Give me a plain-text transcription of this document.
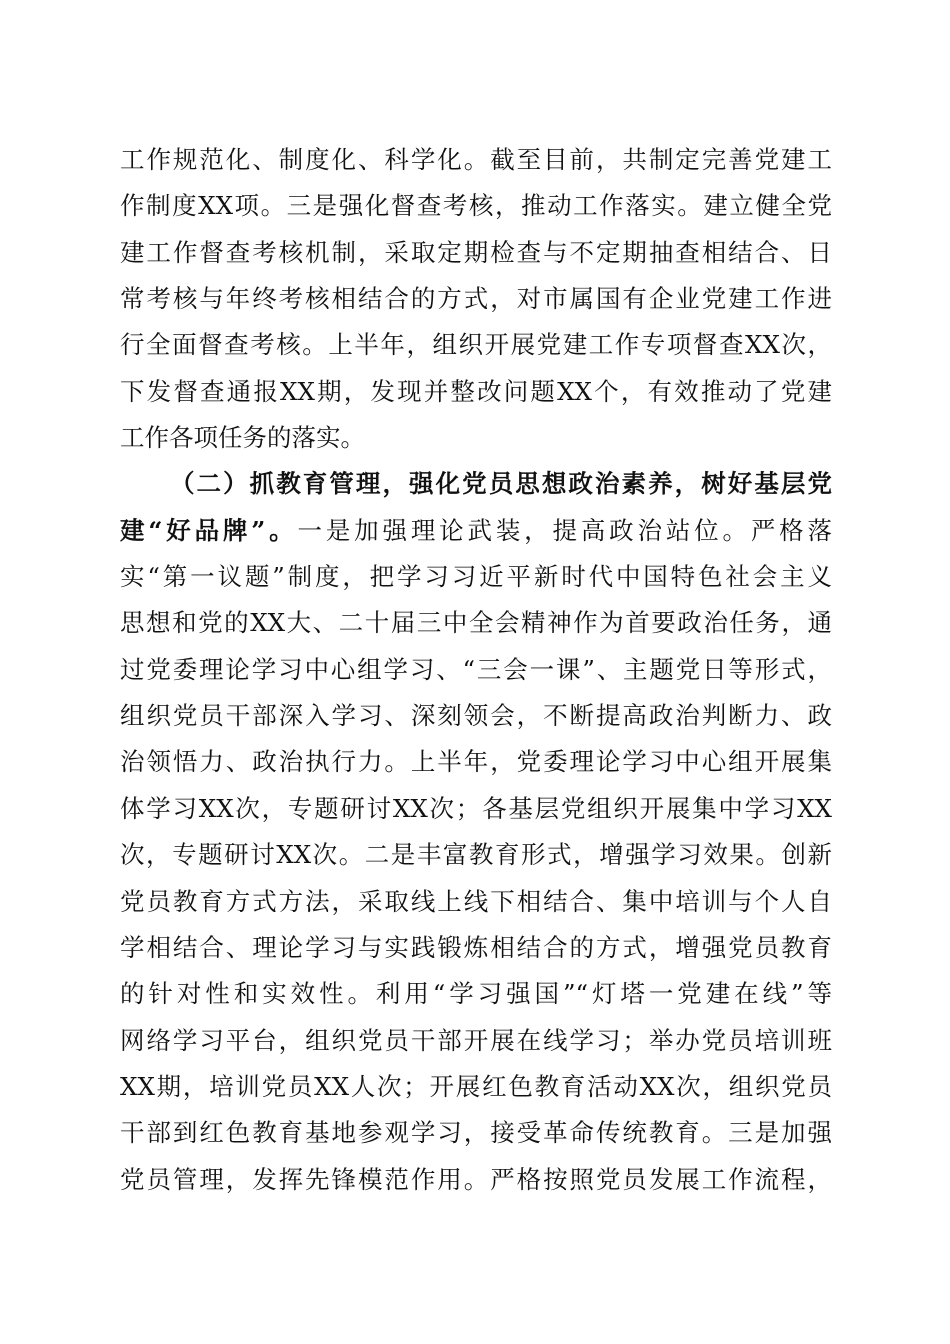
工作规范化、制度化、科学化。截至目前，共制定完善党建工
作制度XX项。三是强化督查考核，推动工作落实。建立健全党
建工作督查考核机制，采取定期检查与不定期抽查相结合、日
常考核与年终考核相结合的方式，对市属国有企业党建工作进
行全面督查考核。上半年，组织开展党建工作专项督查XX次，
下发督查通报XX期，发现并整改问题XX个，有效推动了党建
工作各项任务的落实。
（二）抓教育管理，强化党员思想政治素养，树好基层党
建“好品牌”。一是加强理论武装，提高政治站位。严格落
实“第一议题”制度，把学习习近平新时代中国特色社会主义
思想和党的XX大、二十届三中全会精神作为首要政治任务，通
过党委理论学习中心组学习、“三会一课”、主题党日等形式，
组织党员干部深入学习、深刻领会，不断提高政治判断力、政
治领悟力、政治执行力。上半年，党委理论学习中心组开展集
体学习XX次，专题研讨XX次；各基层党组织开展集中学习XX
次，专题研讨XX次。二是丰富教育形式，增强学习效果。创新
党员教育方式方法，采取线上线下相结合、集中培训与个人自
学相结合、理论学习与实践锻炼相结合的方式，增强党员教育
的针对性和实效性。利用“学习强国”“灯塔一党建在线”等
网络学习平台，组织党员干部开展在线学习；举办党员培训班
XX期，培训党员XX人次；开展红色教育活动XX次，组织党员
干部到红色教育基地参观学习，接受革命传统教育。三是加强
党员管理，发挥先锋模范作用。严格按照党员发展工作流程，
